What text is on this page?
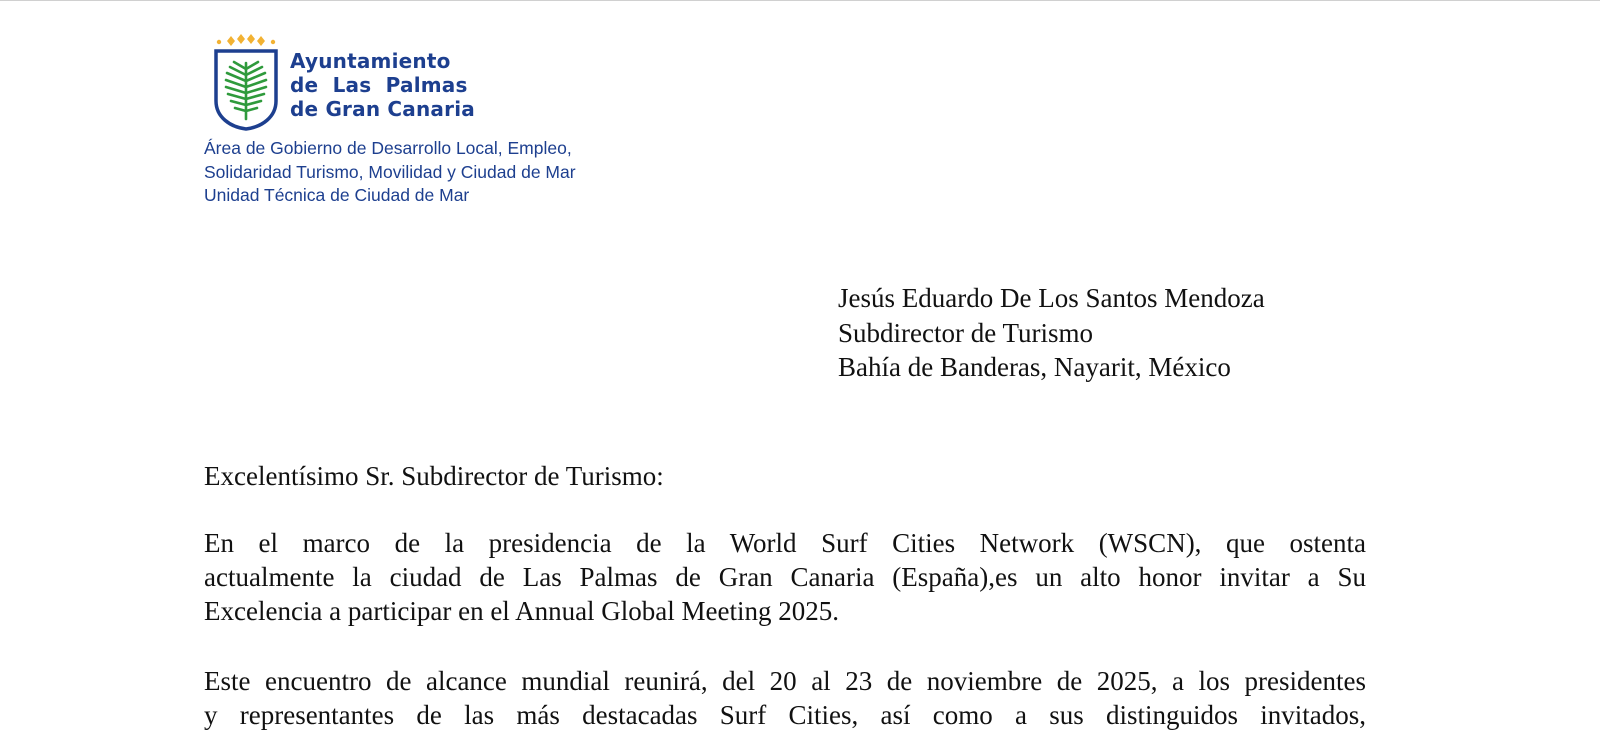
Ayuntamiento
de  Las  Palmas
de Gran Canaria
Área de Gobierno de Desarrollo Local, Empleo,
Solidaridad Turismo, Movilidad y Ciudad de Mar
Unidad Técnica de Ciudad de Mar
Jesús Eduardo De Los Santos Mendoza
Subdirector de Turismo
Bahía de Banderas, Nayarit, México
Excelentísimo Sr. Subdirector de Turismo:
En el marco de la presidencia de la World Surf Cities Network (WSCN), que ostenta
actualmente la ciudad de Las Palmas de Gran Canaria (España),es un alto honor invitar a Su
Excelencia a participar en el Annual Global Meeting 2025.
Este encuentro de alcance mundial reunirá, del 20 al 23 de noviembre de 2025, a los presidentes
y representantes de las más destacadas Surf Cities, así como a sus distinguidos invitados,
